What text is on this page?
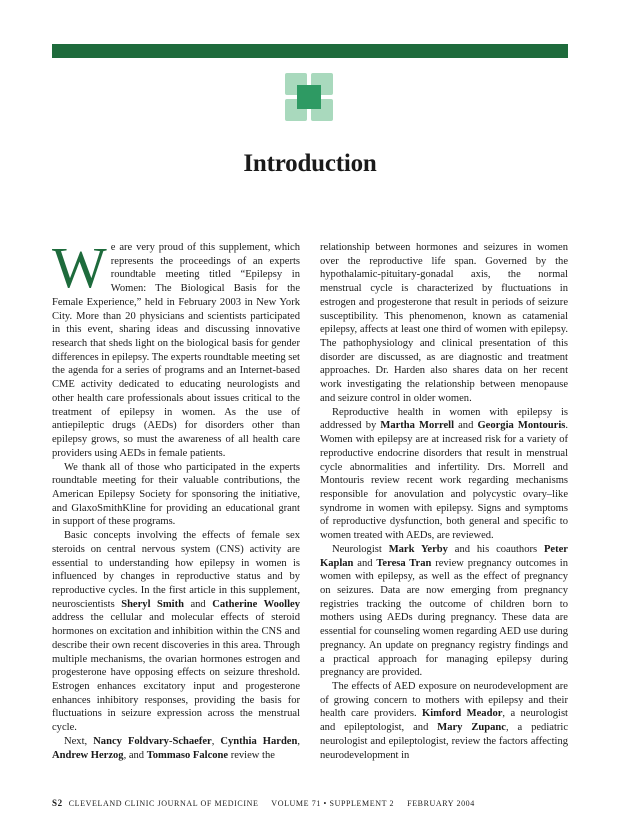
Introduction

We are very proud of this supplement, which represents the proceedings of an experts roundtable meeting titled “Epilepsy in Women: The Biological Basis for the Female Experience,” held in February 2003 in New York City. More than 20 physicians and scientists participated in this event, sharing ideas and discussing innovative research that sheds light on the biological basis for gender differences in epilepsy. The experts roundtable meeting set the agenda for a series of programs and an Internet-based CME activity dedicated to educating neurologists and other health care professionals about issues critical to the treatment of epilepsy in women. As the use of antiepileptic drugs (AEDs) for disorders other than epilepsy grows, so must the awareness of all health care providers using AEDs in female patients.

We thank all of those who participated in the experts roundtable meeting for their valuable contributions, the American Epilepsy Society for sponsoring the initiative, and GlaxoSmithKline for providing an educational grant in support of these programs.

Basic concepts involving the effects of female sex steroids on central nervous system (CNS) activity are essential to understanding how epilepsy in women is influenced by changes in reproductive status and by reproductive cycles. In the first article in this supplement, neuroscientists Sheryl Smith and Catherine Woolley address the cellular and molecular effects of steroid hormones on excitation and inhibition within the CNS and describe their own recent discoveries in this area. Through multiple mechanisms, the ovarian hormones estrogen and progesterone have opposing effects on seizure threshold. Estrogen enhances excitatory input and progesterone enhances inhibitory responses, providing the basis for fluctuations in seizure expression across the menstrual cycle.

Next, Nancy Foldvary-Schaefer, Cynthia Harden, Andrew Herzog, and Tommaso Falcone review the

relationship between hormones and seizures in women over the reproductive life span. Governed by the hypothalamic-pituitary-gonadal axis, the normal menstrual cycle is characterized by fluctuations in estrogen and progesterone that result in periods of seizure susceptibility. This phenomenon, known as catamenial epilepsy, affects at least one third of women with epilepsy. The pathophysiology and clinical presentation of this disorder are discussed, as are diagnostic and treatment approaches. Dr. Harden also shares data on her recent work investigating the relationship between menopause and seizure control in older women.

Reproductive health in women with epilepsy is addressed by Martha Morrell and Georgia Montouris. Women with epilepsy are at increased risk for a variety of reproductive endocrine disorders that result in menstrual cycle abnormalities and infertility. Drs. Morrell and Montouris review recent work regarding mechanisms responsible for anovulation and polycystic ovary–like syndrome in women with epilepsy. Signs and symptoms of reproductive dysfunction, both general and specific to women treated with AEDs, are reviewed.

Neurologist Mark Yerby and his coauthors Peter Kaplan and Teresa Tran review pregnancy outcomes in women with epilepsy, as well as the effect of pregnancy on seizures. Data are now emerging from pregnancy registries tracking the outcome of children born to mothers using AEDs during pregnancy. These data are essential for counseling women regarding AED use during pregnancy. An update on pregnancy registry findings and a practical approach for managing epilepsy during pregnancy are provided.

The effects of AED exposure on neurodevelopment are of growing concern to mothers with epilepsy and their health care providers. Kimford Meador, a neurologist and epileptologist, and Mary Zupanc, a pediatric neurologist and epileptologist, review the factors affecting neurodevelopment in

S2 CLEVELAND CLINIC JOURNAL OF MEDICINE     VOLUME 71 • SUPPLEMENT 2     FEBRUARY 2004
